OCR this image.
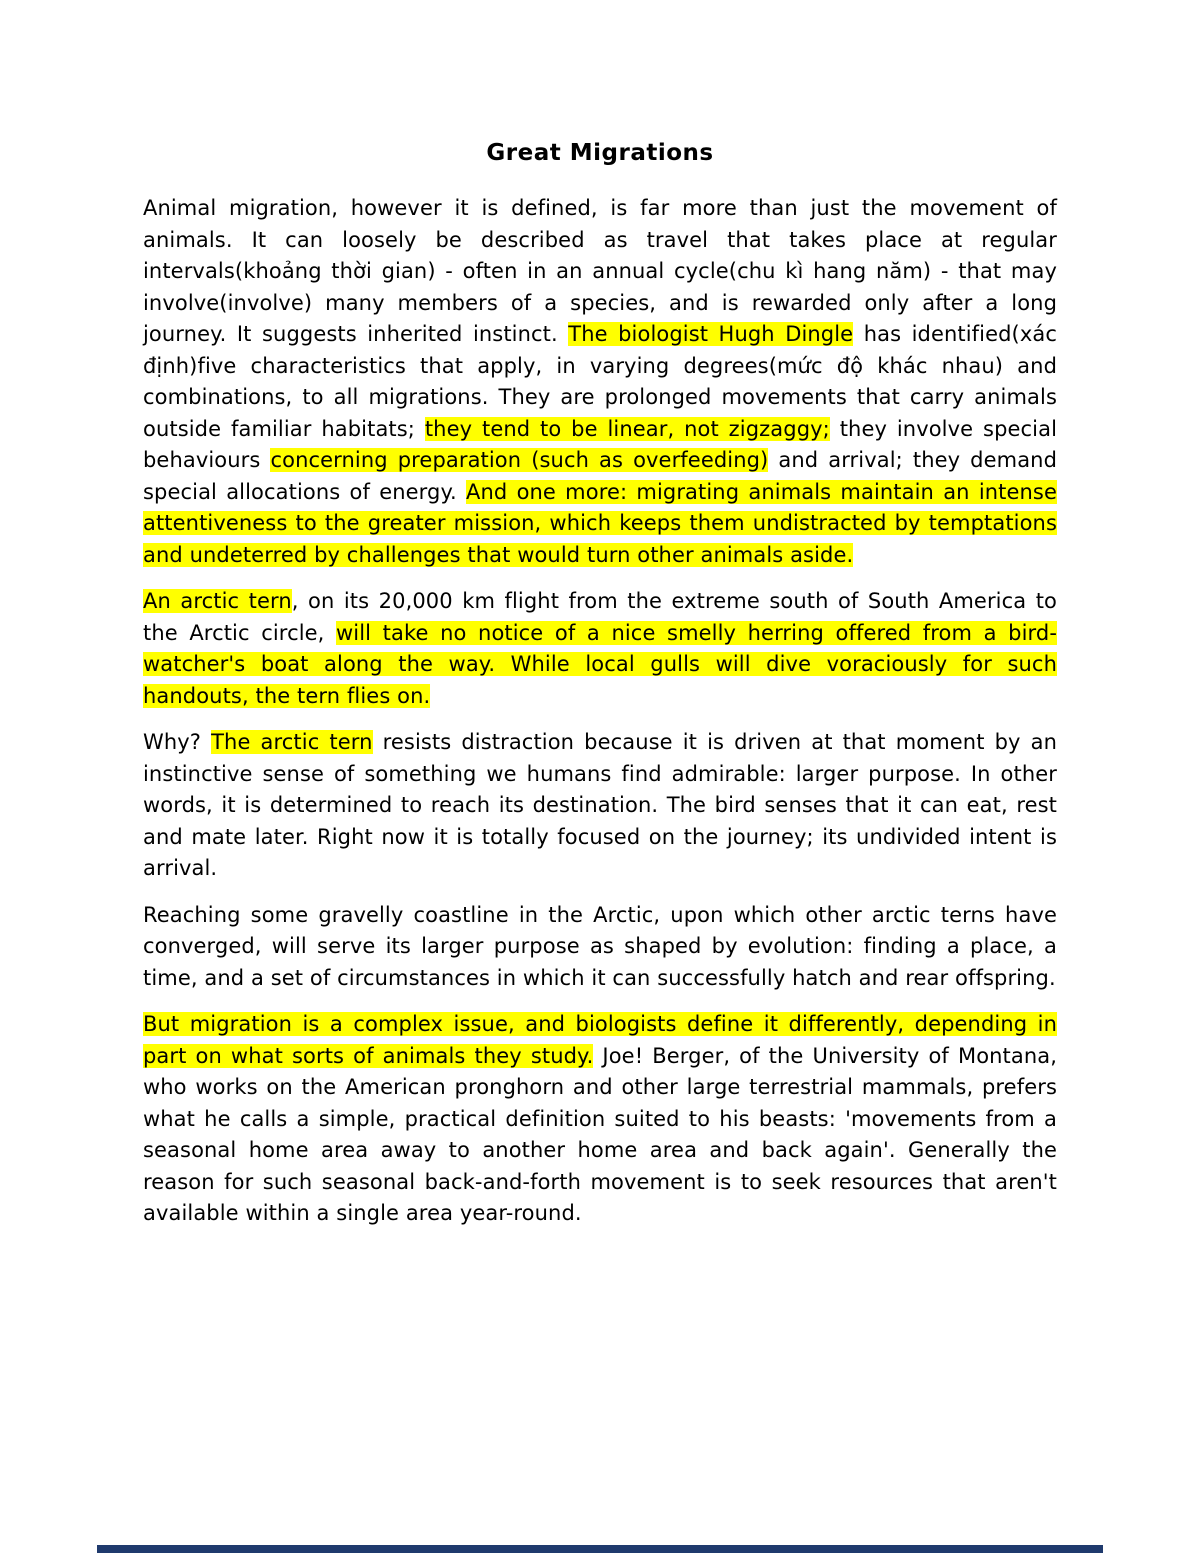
Great Migrations

Animal migration, however it is defined, is far more than just the movement of animals. It can loosely be described as travel that takes place at regular intervals(khoảng thời gian) - often in an annual cycle(chu kì hang năm) - that may involve(involve) many members of a species, and is rewarded only after a long journey. It suggests inherited instinct. The biologist Hugh Dingle has identified(xác định)five characteristics that apply, in varying degrees(mức độ khác nhau) and combinations, to all migrations. They are prolonged movements that carry animals outside familiar habitats; they tend to be linear, not zigzaggy; they involve special behaviours concerning preparation (such as overfeeding) and arrival; they demand special allocations of energy. And one more: migrating animals maintain an intense attentiveness to the greater mission, which keeps them undistracted by temptations and undeterred by challenges that would turn other animals aside.

An arctic tern, on its 20,000 km flight from the extreme south of South America to the Arctic circle, will take no notice of a nice smelly herring offered from a bird-watcher's boat along the way. While local gulls will dive voraciously for such handouts, the tern flies on.

Why? The arctic tern resists distraction because it is driven at that moment by an instinctive sense of something we humans find admirable: larger purpose. In other words, it is determined to reach its destination. The bird senses that it can eat, rest and mate later. Right now it is totally focused on the journey; its undivided intent is arrival.

Reaching some gravelly coastline in the Arctic, upon which other arctic terns have converged, will serve its larger purpose as shaped by evolution: finding a place, a time, and a set of circumstances in which it can successfully hatch and rear offspring.

But migration is a complex issue, and biologists define it differently, depending in part on what sorts of animals they study. Joe! Berger, of the University of Montana, who works on the American pronghorn and other large terrestrial mammals, prefers what he calls a simple, practical definition suited to his beasts: 'movements from a seasonal home area away to another home area and back again'. Generally the reason for such seasonal back-and-forth movement is to seek resources that aren't available within a single area year-round.
